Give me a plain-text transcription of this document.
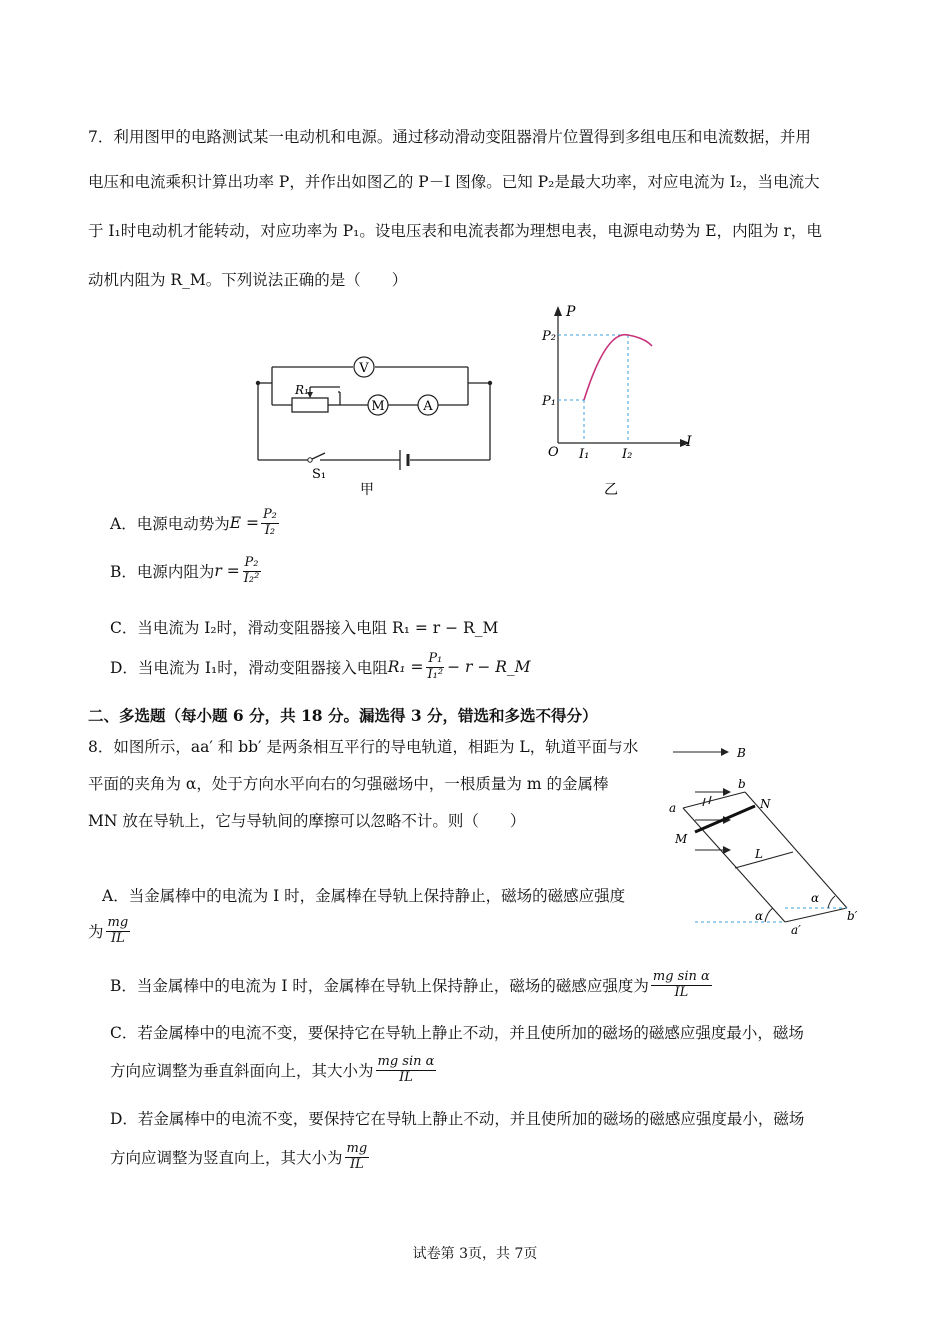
7．利用图甲的电路测试某一电动机和电源。通过移动滑动变阻器滑片位置得到多组电压和电流数据，并用
电压和电流乘积计算出功率 P，并作出如图乙的 P－I 图像。已知 P₂是最大功率，对应电流为 I₂，当电流大
于 I₁时电动机才能转动，对应功率为 P₁。设电压表和电流表都为理想电表，电源电动势为 E，内阻为 r，电
动机内阻为 R_M。下列说法正确的是（　　）
V
M	A
R₁
S₁
甲
P
I
O
P₂
P₁
I₁	I₂
乙
A．电源电动势为 $E = \frac{\text{P₂}}{\text{I₂}}$
B．电源内阻为 $r = \frac{\text{P₂}}{\text{I₂²}}$
C．当电流为 I₂时，滑动变阻器接入电阻 R₁ = r − R_M
D．当电流为 I₁时，滑动变阻器接入电阻 $R_1 = \frac{\text{P₁}}{\text{I₁²}} - r$ − R_M
二、多选题（每小题 6 分，共 18 分。漏选得 3 分，错选和多选不得分）
8．如图所示，aa′ 和 bb′ 是两条相互平行的导电轨道，相距为 L，轨道平面与水
平面的夹角为 α，处于方向水平向右的匀强磁场中，一根质量为 m 的金属棒
MN 放在导轨上，它与导轨间的摩擦可以忽略不计。则（　　）
B
b
a	N
M
L
α
α
a′
b′
A．当金属棒中的电流为 I 时，金属棒在导轨上保持静止，磁场的磁感应强度
为 $\frac{mg}{IL}$
B．当金属棒中的电流为 I 时，金属棒在导轨上保持静止，磁场的磁感应强度为 $\frac{\text{mg sin α}}{IL}$
C．若金属棒中的电流不变，要保持它在导轨上静止不动，并且使所加的磁场的磁感应强度最小，磁场
方向应调整为垂直斜面向上，其大小为 $\frac{\text{mg sin α}}{IL}$
D．若金属棒中的电流不变，要保持它在导轨上静止不动，并且使所加的磁场的磁感应强度最小，磁场
方向应调整为竖直向上，其大小为 $\frac{mg}{IL}$
试卷第 3页，共 7页
